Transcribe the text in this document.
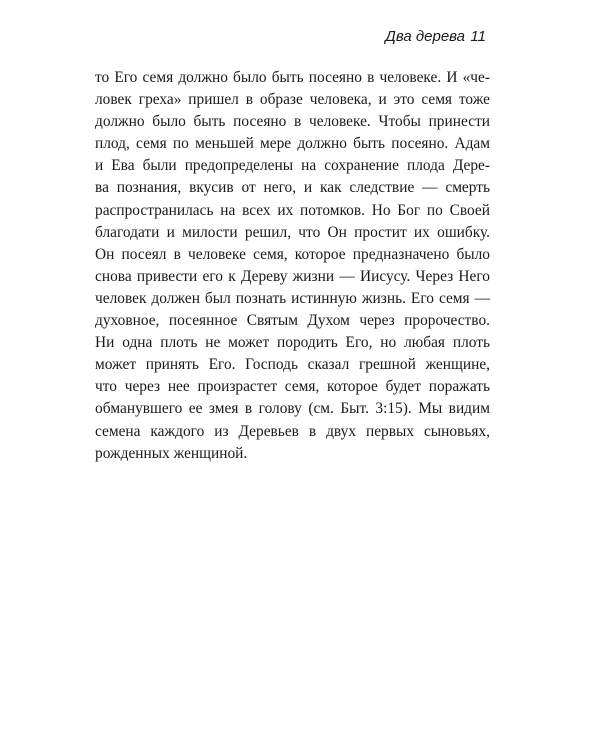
Два дерева 11
то Его семя должно было быть посеяно в человеке. И «че-
ловек греха» пришел в образе человека, и это семя тоже
должно было быть посеяно в человеке. Чтобы принести
плод, семя по меньшей мере должно быть посеяно. Адам
и Ева были предопределены на сохранение плода Дере-
ва познания, вкусив от него, и как следствие — смерть
распространилась на всех их потомков. Но Бог по Своей
благодати и милости решил, что Он простит их ошибку.
Он посеял в человеке семя, которое предназначено было
снова привести его к Дереву жизни — Иисусу. Через Него
человек должен был познать истинную жизнь. Его семя —
духовное, посеянное Святым Духом через пророчество.
Ни одна плоть не может породить Его, но любая плоть
может принять Его. Господь сказал грешной женщине,
что через нее произрастет семя, которое будет поражать
обманувшего ее змея в голову (см. Быт. 3:15). Мы видим
семена каждого из Деревьев в двух первых сыновьях,
рожденных женщиной.
